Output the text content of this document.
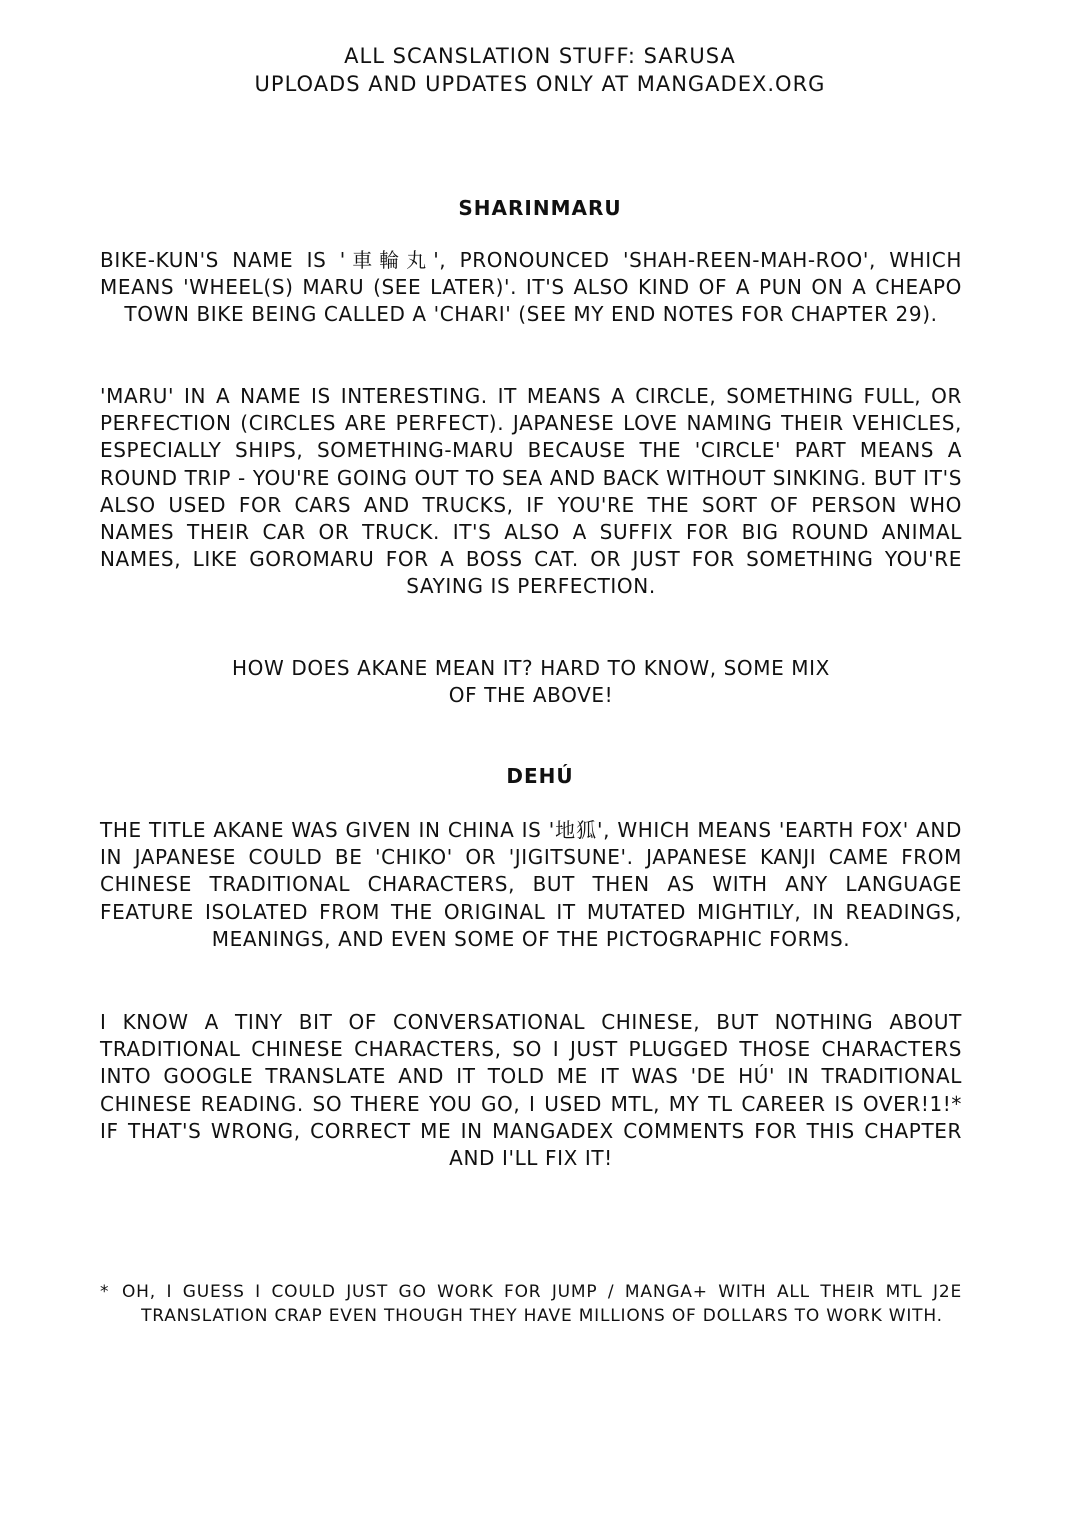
ALL SCANSLATION STUFF: SARUSA

UPLOADS AND UPDATES ONLY AT MANGADEX.ORG

SHARINMARU

BIKE-KUN'S NAME IS '車輪丸', PRONOUNCED 'SHAH-REEN-MAH-ROO', WHICH MEANS 'WHEEL(S) MARU (SEE LATER)'. IT'S ALSO KIND OF A PUN ON A CHEAPO TOWN BIKE BEING CALLED A 'CHARI' (SEE MY END NOTES FOR CHAPTER 29).

'MARU' IN A NAME IS INTERESTING. IT MEANS A CIRCLE, SOMETHING FULL, OR PERFECTION (CIRCLES ARE PERFECT). JAPANESE LOVE NAMING THEIR VEHICLES, ESPECIALLY SHIPS, SOMETHING-MARU BECAUSE THE 'CIRCLE' PART MEANS A ROUND TRIP - YOU'RE GOING OUT TO SEA AND BACK WITHOUT SINKING. BUT IT'S ALSO USED FOR CARS AND TRUCKS, IF YOU'RE THE SORT OF PERSON WHO NAMES THEIR CAR OR TRUCK. IT'S ALSO A SUFFIX FOR BIG ROUND ANIMAL NAMES, LIKE GOROMARU FOR A BOSS CAT. OR JUST FOR SOMETHING YOU'RE SAYING IS PERFECTION.

HOW DOES AKANE MEAN IT? HARD TO KNOW, SOME MIX OF THE ABOVE!

DEHÚ

THE TITLE AKANE WAS GIVEN IN CHINA IS '地狐', WHICH MEANS 'EARTH FOX' AND IN JAPANESE COULD BE 'CHIKO' OR 'JIGITSUNE'. JAPANESE KANJI CAME FROM CHINESE TRADITIONAL CHARACTERS, BUT THEN AS WITH ANY LANGUAGE FEATURE ISOLATED FROM THE ORIGINAL IT MUTATED MIGHTILY, IN READINGS, MEANINGS, AND EVEN SOME OF THE PICTOGRAPHIC FORMS.

I KNOW A TINY BIT OF CONVERSATIONAL CHINESE, BUT NOTHING ABOUT TRADITIONAL CHINESE CHARACTERS, SO I JUST PLUGGED THOSE CHARACTERS INTO GOOGLE TRANSLATE AND IT TOLD ME IT WAS 'DE HÚ' IN TRADITIONAL CHINESE READING. SO THERE YOU GO, I USED MTL, MY TL CAREER IS OVER!1!* IF THAT'S WRONG, CORRECT ME IN MANGADEX COMMENTS FOR THIS CHAPTER AND I'LL FIX IT!

* OH, I GUESS I COULD JUST GO WORK FOR JUMP / MANGA+ WITH ALL THEIR MTL J2E TRANSLATION CRAP EVEN THOUGH THEY HAVE MILLIONS OF DOLLARS TO WORK WITH.
